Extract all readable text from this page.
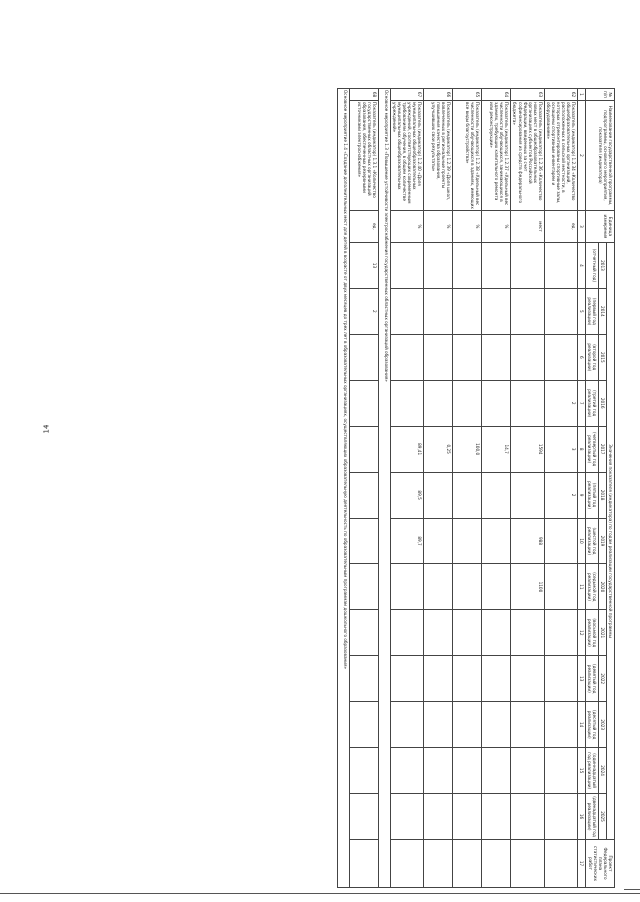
14
№ п/п	Наименование государственной программы, подпрограммы, основного мероприятия, показателя (индикатора)	Единица измерения	Значения показателя (индикатора) по годам реализации государственной программы													Проект Федерального плана статистических работ
			2013	2014	2015	2016	2017	2018	2019	2020	2021	2022	2023	2024	2025	
			(отчетный год)	(первый год реализации)	(второй год реализации)	(третий год реализации)	(четвертый год реализации)	(пятый год реализации)	(шестой год реализации)	(седьмой год реализации)	(восьмой год реализации)	(девятый год реализации)	(десятый год реализации)	(одиннадцатый год реализации)	(двенадцатый год реализации)	
1	2	3	4	5	6	7	8	9	10	11	12	13	14	15	16	17
62	Показатель (индикатор) 1.2.34 «Количество общеобразовательных организаций, расположенных в сельской местности, в которых отремонтированы спортивные залы, оснащены спортивным инвентарем и оборудованием»	ед.				2	3	2								
63	Показатель (индикатор) 1.2.36 «Количество новых мест в общеобразовательных организациях субъектов Российской Федерации, введенных за счет софинансирования из средств федерального бюджета»	мест					1594		988	1100						
64	Показатель (индикатор) 1.2.37 «Удельный вес численности обучающихся, занимающихся в зданиях, требующих капитального ремонта или реконструкции»	%					14,7									
65	Показатель (индикатор) 1.2.38 «Удельный вес численности обучающихся в зданиях, имеющих все виды благоустройства»	%					100,0									
66	Показатель (индикатор) 1.2.39 «Доля школ, вовлеченных в региональные проекты повышения качества образования, улучшивших свои результаты»	%					0,25									
67	Показатель (индикатор) 1.2.40 «Доля муниципальных общеобразовательных учреждений, соответствующих современным требованиям обучения, в общем количестве муниципальных общеобразовательных учреждений»	%					89,41	89,5	89,7							
Основное мероприятие 1.3 «Повышение устойчивости электроснабжения государственных областных организаций образования»																
68	Показатель (индикатор) 1.3.1 «Количество государственных областных организаций образования, обеспеченных резервными источниками электроснабжения»	ед.	13	2												
Основное мероприятие 1.4 «Создание дополнительных мест для детей в возрасте от двух месяцев до трех лет в образовательных организациях, осуществляющих образовательную деятельность по образовательным программам дошкольного образования»																
